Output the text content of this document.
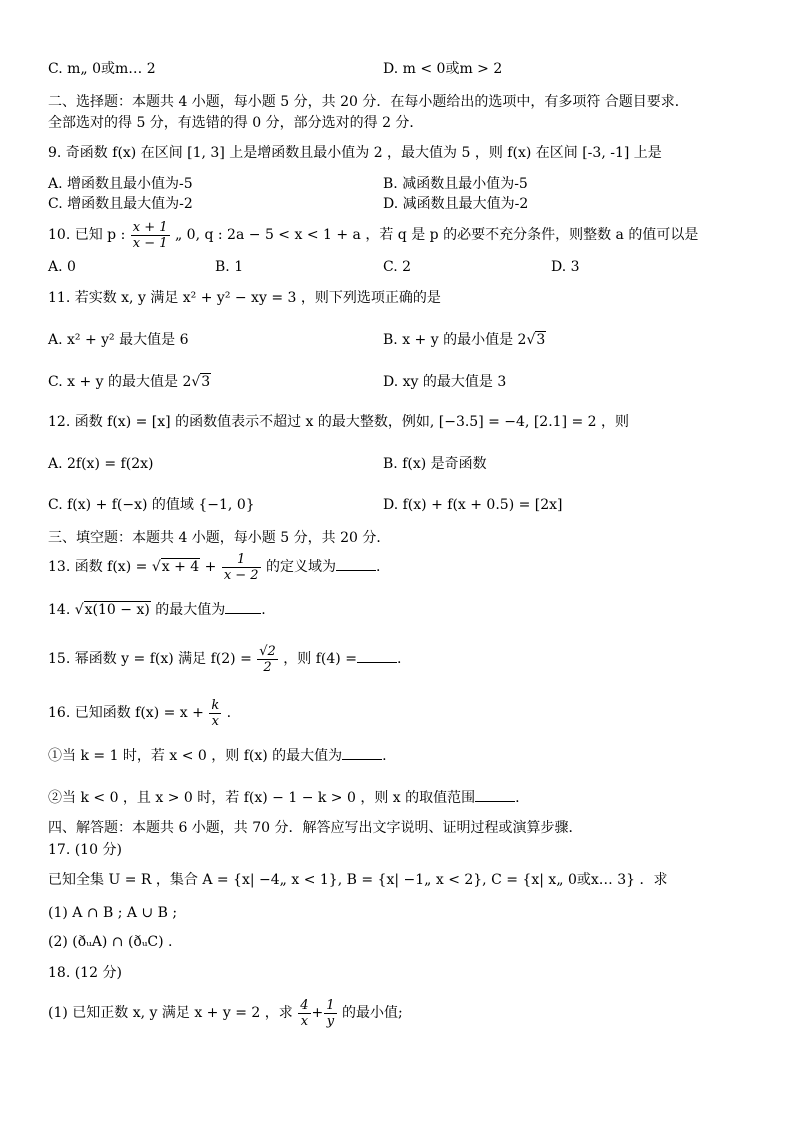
C. m„ 0或m… 2	D. m < 0或m > 2
二、选择题：本题共 4 小题，每小题 5 分，共 20 分．在每小题给出的选项中，有多项符 合题目要求．
全部选对的得 5 分，有选错的得 0 分，部分选对的得 2 分．
9. 奇函数 f(x) 在区间 [1, 3] 上是增函数且最小值为 2 ，最大值为 5 ，则 f(x) 在区间 [-3, -1] 上是
A. 增函数且最小值为-5	B. 减函数且最小值为-5
C. 增函数且最大值为-2	D. 减函数且最大值为-2
10. 已知 p : $\frac{x + 1}{x - 1}$ „ 0, q : 2a − 5 < x < 1 + a ，若 q 是 p 的必要不充分条件，则整数 a 的值可以是
A. 0	B. 1	C. 2	D. 3
11. 若实数 x, y 满足 x² + y² − xy = 3 ，则下列选项正确的是
A. x² + y² 最大值是 6	B. x + y 的最小值是 2√3
C. x + y 的最大值是 2√3	D. xy 的最大值是 3
12. 函数 f(x) = [x] 的函数值表示不超过 x 的最大整数，例如, [−3.5] = −4, [2.1] = 2 ，则
A. 2f(x) = f(2x)	B. f(x) 是奇函数
C. f(x) + f(−x) 的值域 {−1, 0}	D. f(x) + f(x + 0.5) = [2x]
三、填空题：本题共 4 小题，每小题 5 分，共 20 分．
13. 函数 $f(x) = √x + 4 + \frac{1}{x - 2}$ 的定义域为	.
14. √x(10 − x) 的最大值为	.
15. 幂函数 y = f(x) 满足 $f(2) = \frac{√2}{2}$ ，则 f(4) =	.
16. 已知函数 $f(x) = x + \frac{k}{x}$ .
①当 k = 1 时，若 x < 0 ，则 f(x) 的最大值为	.
②当 k < 0 ，且 x > 0 时，若 f(x) − 1 − k > 0 ，则 x 的取值范围	.
四、解答题：本题共 6 小题，共 70 分．解答应写出文字说明、证明过程或演算步骤．
17. (10 分)
已知全集 U = R ，集合 A = {x| −4„ x < 1}, B = {x| −1„ x < 2}, C = {x| x„ 0或x… 3} ．求
(1) A ∩ B ; A ∪ B ;
(2) (ðᵤA) ∩ (ðᵤC) .
18. (12 分)
(1) 已知正数 x, y 满足 x + y = 2 ，求 $\frac{4}{x} + \frac{1}{y}$ 的最小值;
